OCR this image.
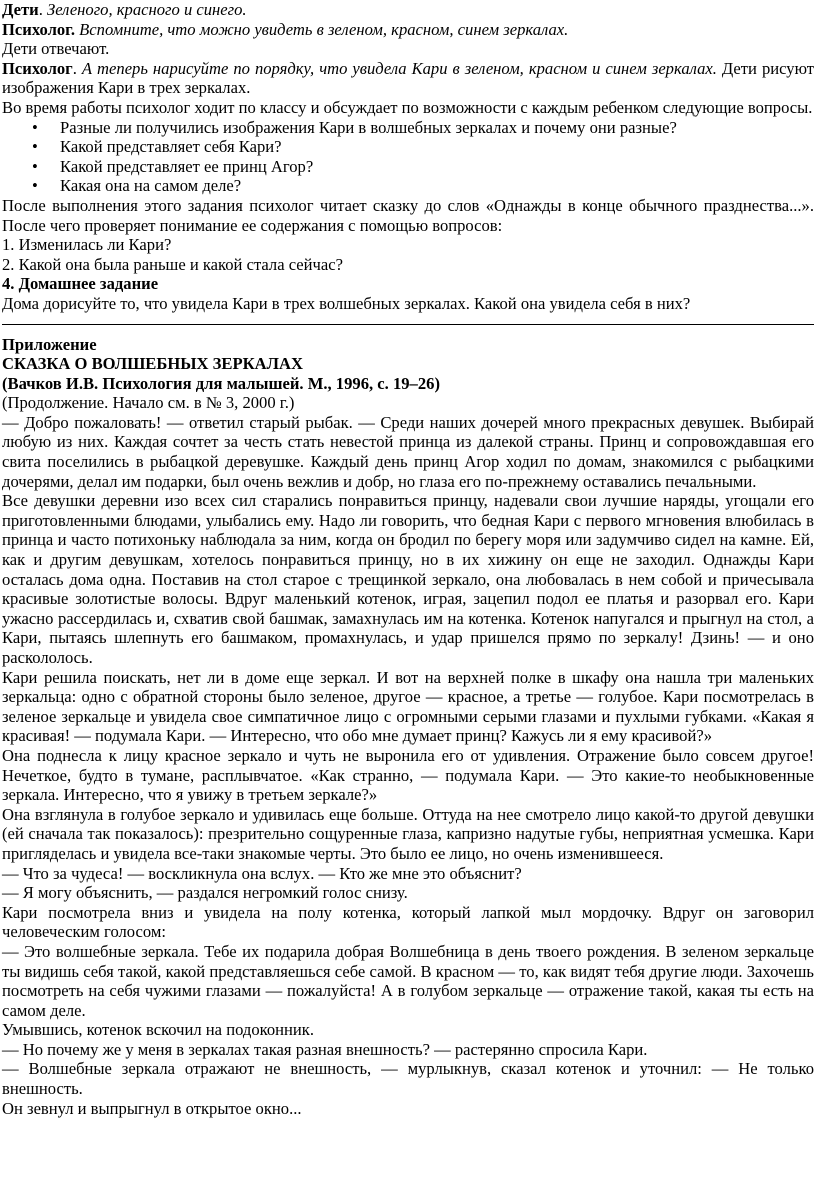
Дети. Зеленого, красного и синего.

Психолог. Вспомните, что можно увидеть в зеленом, красном, синем зеркалах.

Дети отвечают.

Психолог. А теперь нарисуйте по порядку, что увидела Кари в зеленом, красном и синем зеркалах. Дети рисуют изображения Кари в трех зеркалах.

Во время работы психолог ходит по классу и обсуждает по возможности с каждым ребенком следующие вопросы.

• Разные ли получились изображения Кари в волшебных зеркалах и почему они разные?
• Какой представляет себя Кари?
• Какой представляет ее принц Агор?
• Какая она на самом деле?

После выполнения этого задания психолог читает сказку до слов «Однажды в конце обычного празднества...». После чего проверяет понимание ее содержания с помощью вопросов:

1. Изменилась ли Кари?

2. Какой она была раньше и какой стала сейчас?

4. Домашнее задание

Дома дорисуйте то, что увидела Кари в трех волшебных зеркалах. Какой она увидела себя в них?

Приложение

СКАЗКА О ВОЛШЕБНЫХ ЗЕРКАЛАХ

(Вачков И.В. Психология для малышей. М., 1996, с. 19–26)

(Продолжение. Начало см. в № 3, 2000 г.)

— Добро пожаловать! — ответил старый рыбак. — Среди наших дочерей много прекрасных девушек. Выбирай любую из них. Каждая сочтет за честь стать невестой принца из далекой страны. Принц и сопровождавшая его свита поселились в рыбацкой деревушке. Каждый день принц Агор ходил по домам, знакомился с рыбацкими дочерями, делал им подарки, был очень вежлив и добр, но глаза его по-прежнему оставались печальными.

Все девушки деревни изо всех сил старались понравиться принцу, надевали свои лучшие наряды, угощали его приготовленными блюдами, улыбались ему. Надо ли говорить, что бедная Кари с первого мгновения влюбилась в принца и часто потихоньку наблюдала за ним, когда он бродил по берегу моря или задумчиво сидел на камне. Ей, как и другим девушкам, хотелось понравиться принцу, но в их хижину он еще не заходил. Однажды Кари осталась дома одна. Поставив на стол старое с трещинкой зеркало, она любовалась в нем собой и причесывала красивые золотистые волосы. Вдруг маленький котенок, играя, зацепил подол ее платья и разорвал его. Кари ужасно рассердилась и, схватив свой башмак, замахнулась им на котенка. Котенок напугался и прыгнул на стол, а Кари, пытаясь шлепнуть его башмаком, промахнулась, и удар пришелся прямо по зеркалу! Дзинь! — и оно раскололось.

Кари решила поискать, нет ли в доме еще зеркал. И вот на верхней полке в шкафу она нашла три маленьких зеркальца: одно с обратной стороны было зеленое, другое — красное, а третье — голубое. Кари посмотрелась в зеленое зеркальце и увидела свое симпатичное лицо с огромными серыми глазами и пухлыми губками. «Какая я красивая! — подумала Кари. — Интересно, что обо мне думает принц? Кажусь ли я ему красивой?»

Она поднесла к лицу красное зеркало и чуть не выронила его от удивления. Отражение было совсем другое! Нечеткое, будто в тумане, расплывчатое. «Как странно, — подумала Кари. — Это какие-то необыкновенные зеркала. Интересно, что я увижу в третьем зеркале?»

Она взглянула в голубое зеркало и удивилась еще больше. Оттуда на нее смотрело лицо какой-то другой девушки (ей сначала так показалось): презрительно сощуренные глаза, капризно надутые губы, неприятная усмешка. Кари пригляделась и увидела все-таки знакомые черты. Это было ее лицо, но очень изменившееся.

— Что за чудеса! — воскликнула она вслух. — Кто же мне это объяснит?

— Я могу объяснить, — раздался негромкий голос снизу.

Кари посмотрела вниз и увидела на полу котенка, который лапкой мыл мордочку. Вдруг он заговорил человеческим голосом:

— Это волшебные зеркала. Тебе их подарила добрая Волшебница в день твоего рождения. В зеленом зеркальце ты видишь себя такой, какой представляешься себе самой. В красном — то, как видят тебя другие люди. Захочешь посмотреть на себя чужими глазами — пожалуйста! А в голубом зеркальце — отражение такой, какая ты есть на самом деле.

Умывшись, котенок вскочил на подоконник.

— Но почему же у меня в зеркалах такая разная внешность? — растерянно спросила Кари.

— Волшебные зеркала отражают не внешность, — мурлыкнув, сказал котенок и уточнил: — Не только внешность.

Он зевнул и выпрыгнул в открытое окно...
